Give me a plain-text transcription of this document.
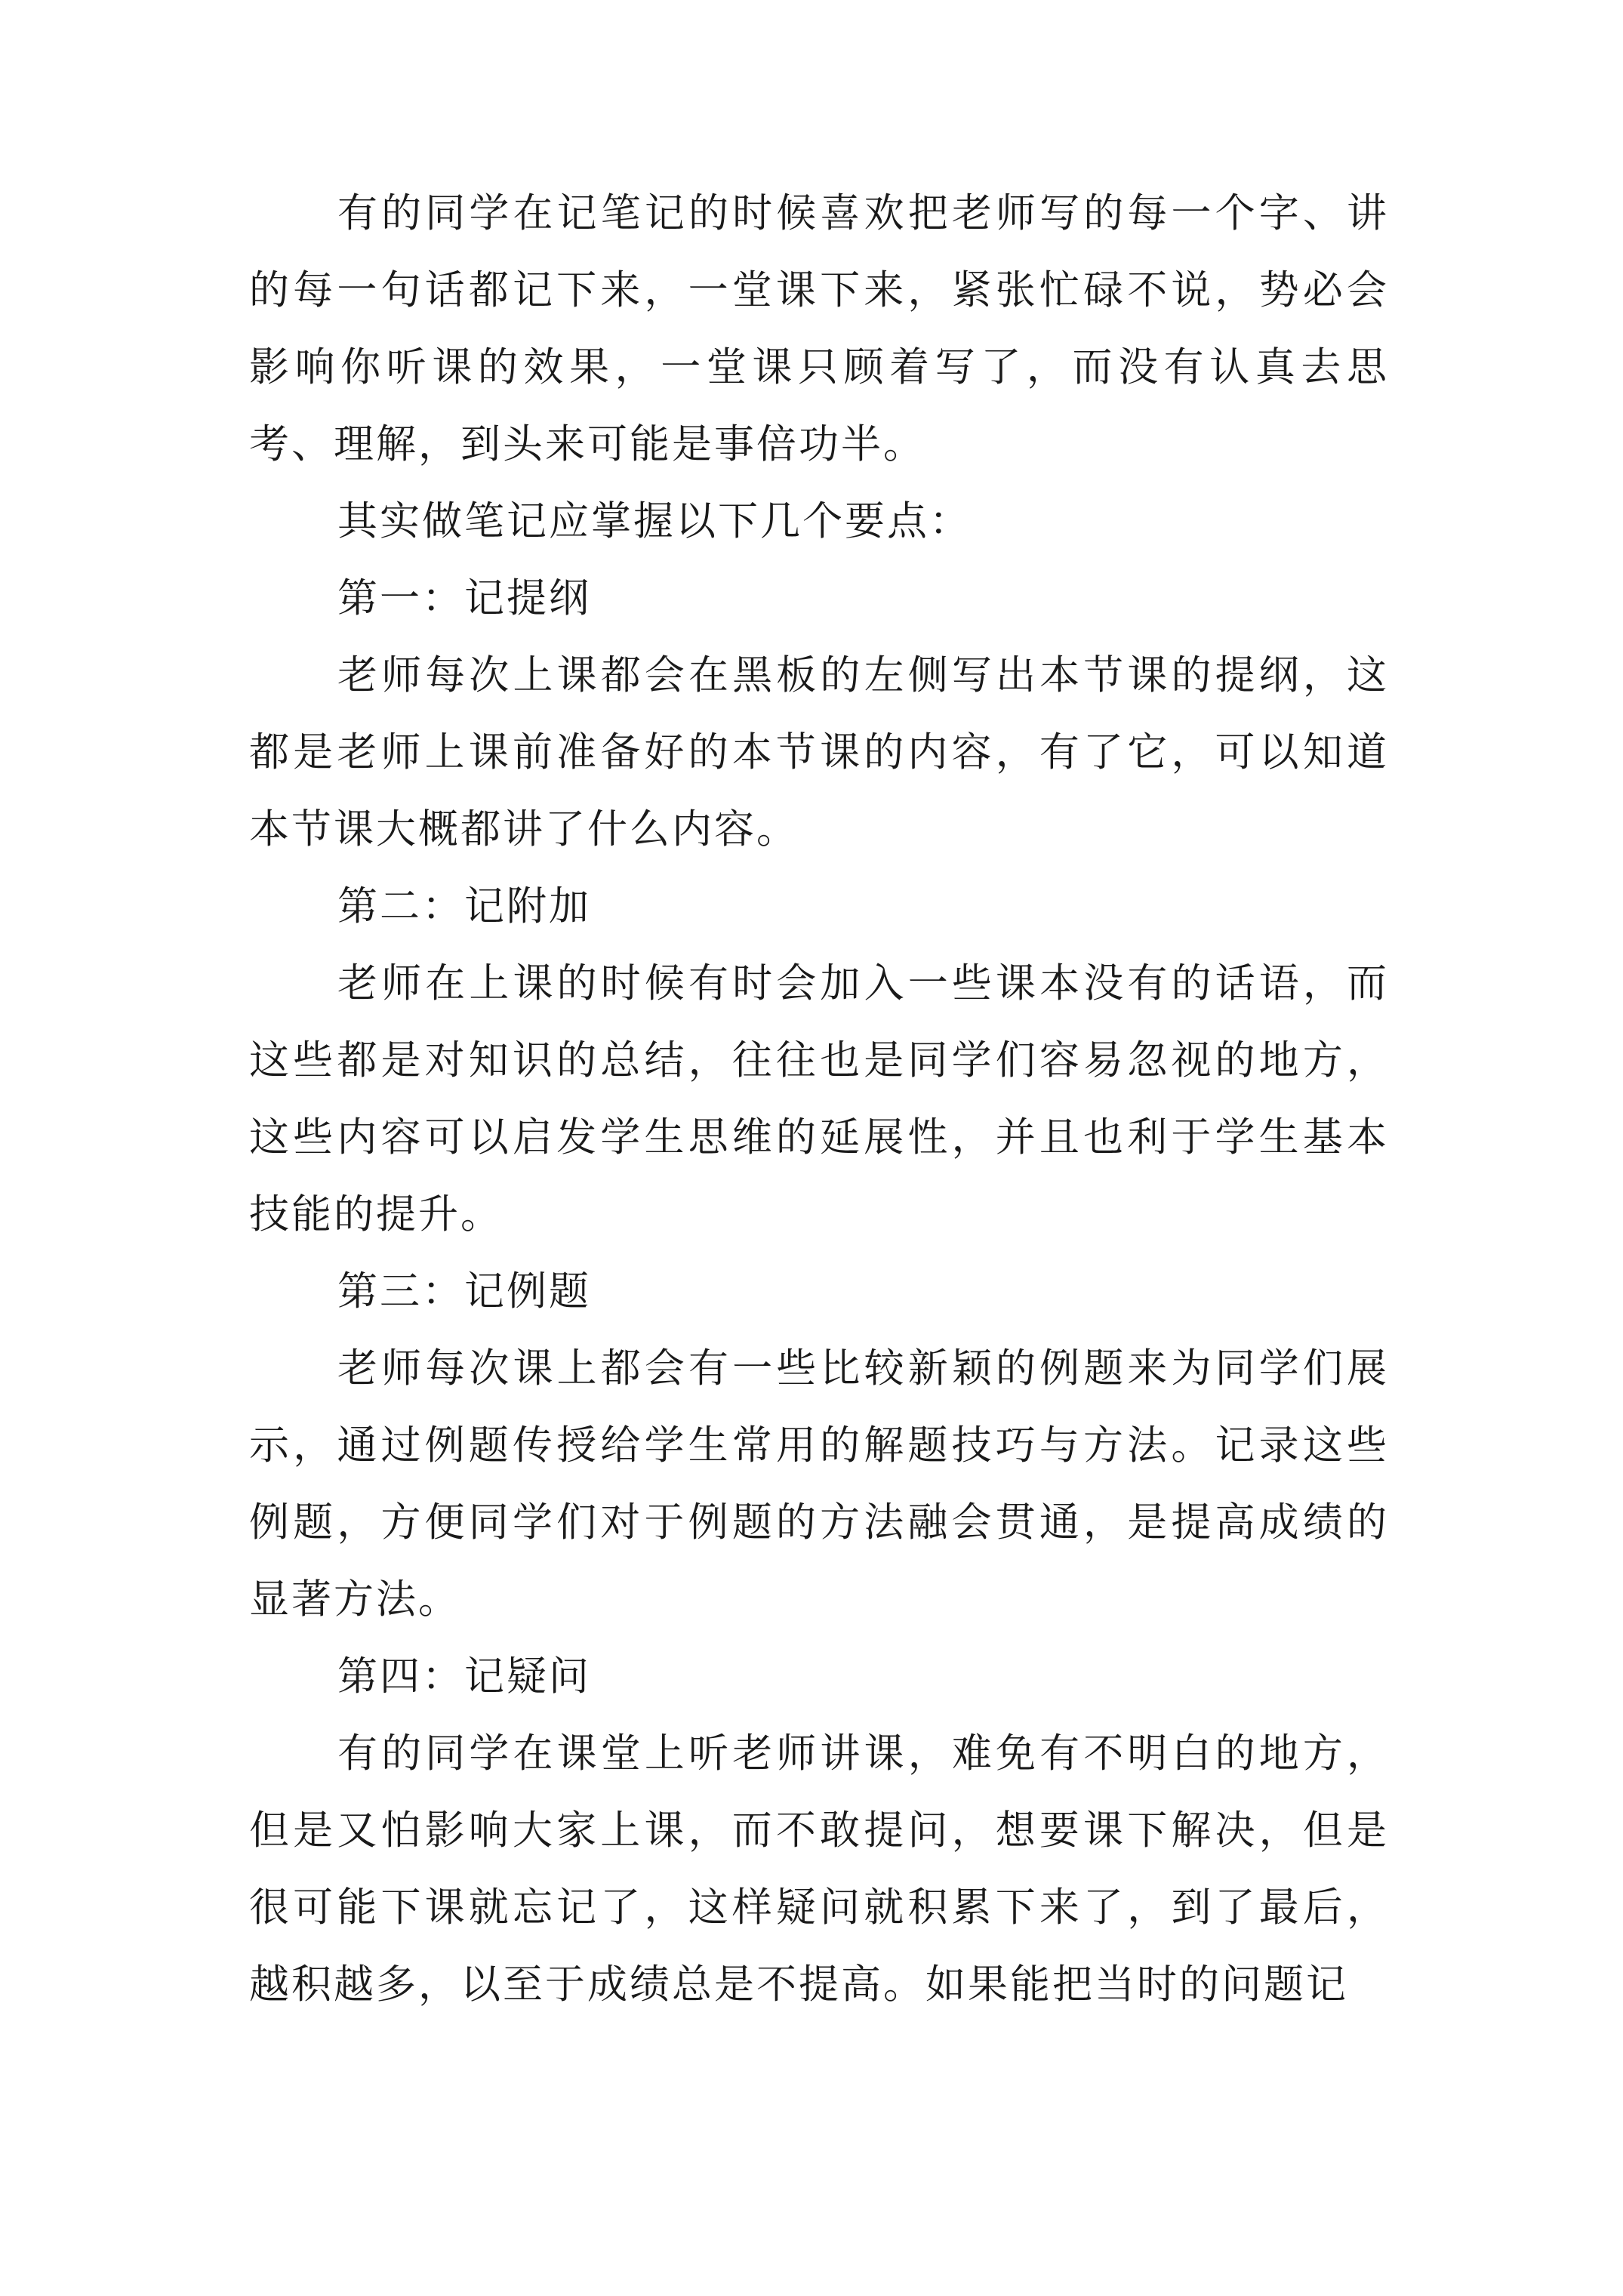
有的同学在记笔记的时候喜欢把老师写的每一个字、讲的每一句话都记下来，一堂课下来，紧张忙碌不说，势必会影响你听课的效果，一堂课只顾着写了，而没有认真去思考、理解，到头来可能是事倍功半。

其实做笔记应掌握以下几个要点：

第一：记提纲

老师每次上课都会在黑板的左侧写出本节课的提纲，这都是老师上课前准备好的本节课的内容，有了它，可以知道本节课大概都讲了什么内容。

第二：记附加

老师在上课的时候有时会加入一些课本没有的话语，而这些都是对知识的总结，往往也是同学们容易忽视的地方，这些内容可以启发学生思维的延展性，并且也利于学生基本技能的提升。

第三：记例题

老师每次课上都会有一些比较新颖的例题来为同学们展示，通过例题传授给学生常用的解题技巧与方法。记录这些例题，方便同学们对于例题的方法融会贯通，是提高成绩的显著方法。

第四：记疑问

有的同学在课堂上听老师讲课，难免有不明白的地方，但是又怕影响大家上课，而不敢提问，想要课下解决，但是很可能下课就忘记了，这样疑问就积累下来了，到了最后，越积越多，以至于成绩总是不提高。如果能把当时的问题记
